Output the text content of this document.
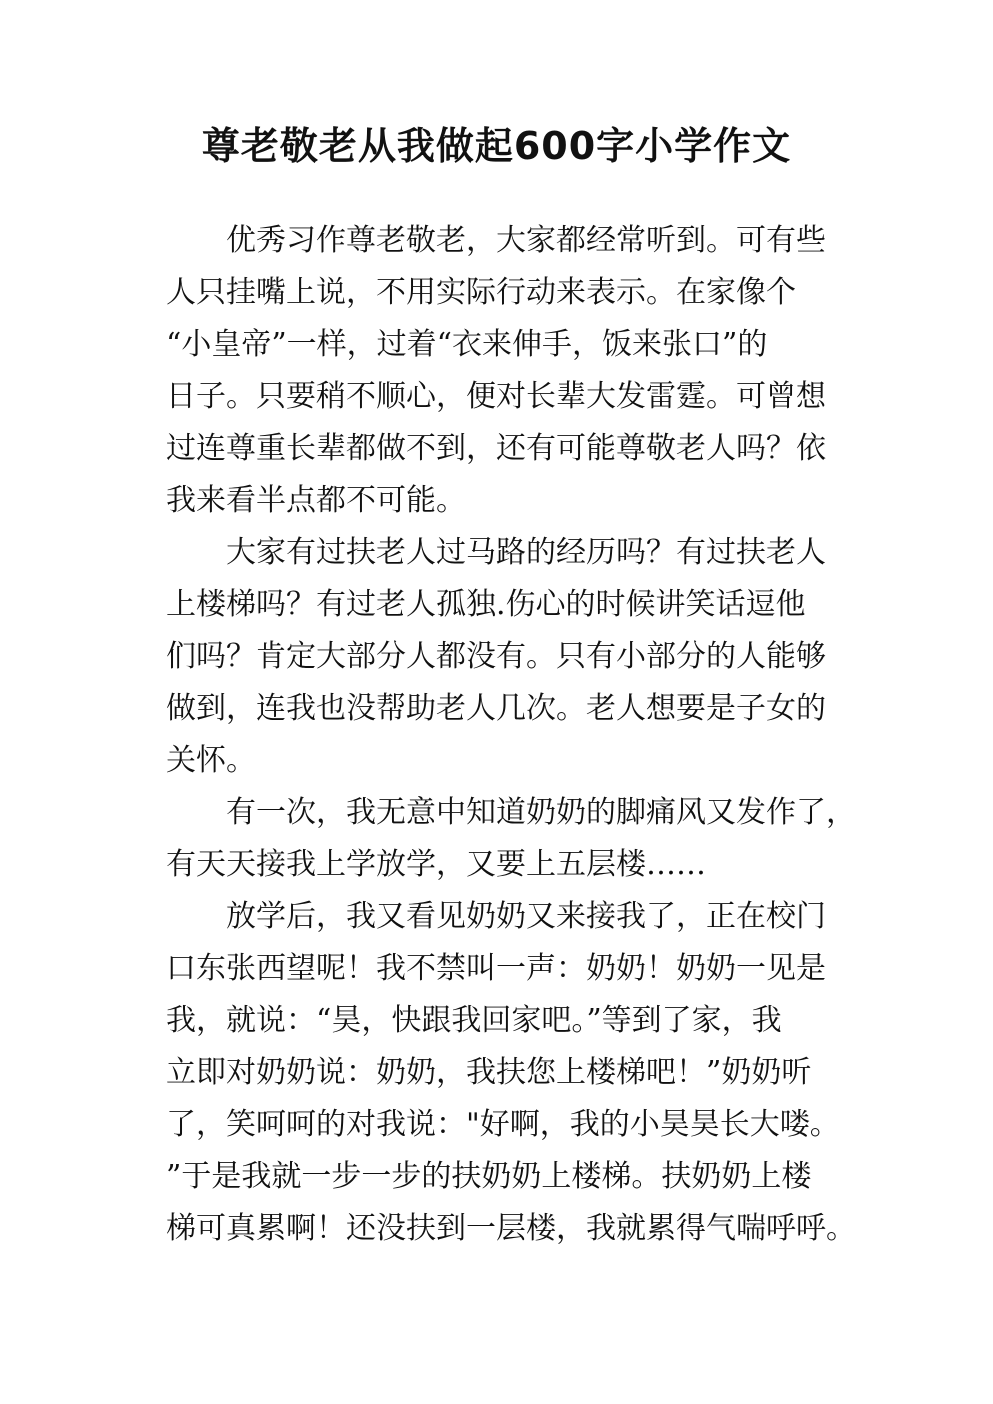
尊老敬老从我做起600字小学作文
优秀习作尊老敬老，大家都经常听到。可有些
人只挂嘴上说，不用实际行动来表示。在家像个
“小皇帝”一样，过着“衣来伸手，饭来张口”的
日子。只要稍不顺心，便对长辈大发雷霆。可曾想
过连尊重长辈都做不到，还有可能尊敬老人吗？依
我来看半点都不可能。
大家有过扶老人过马路的经历吗？有过扶老人
上楼梯吗？有过老人孤独.伤心的时候讲笑话逗他
们吗？肯定大部分人都没有。只有小部分的人能够
做到，连我也没帮助老人几次。老人想要是子女的
关怀。
有一次，我无意中知道奶奶的脚痛风又发作了，
有天天接我上学放学，又要上五层楼……
放学后，我又看见奶奶又来接我了，正在校门
口东张西望呢！我不禁叫一声：奶奶！奶奶一见是
我，就说：“昊，快跟我回家吧。”等到了家，我
立即对奶奶说：奶奶，我扶您上楼梯吧！”奶奶听
了，笑呵呵的对我说："好啊，我的小昊昊长大喽。
”于是我就一步一步的扶奶奶上楼梯。扶奶奶上楼
梯可真累啊！还没扶到一层楼，我就累得气喘呼呼。
